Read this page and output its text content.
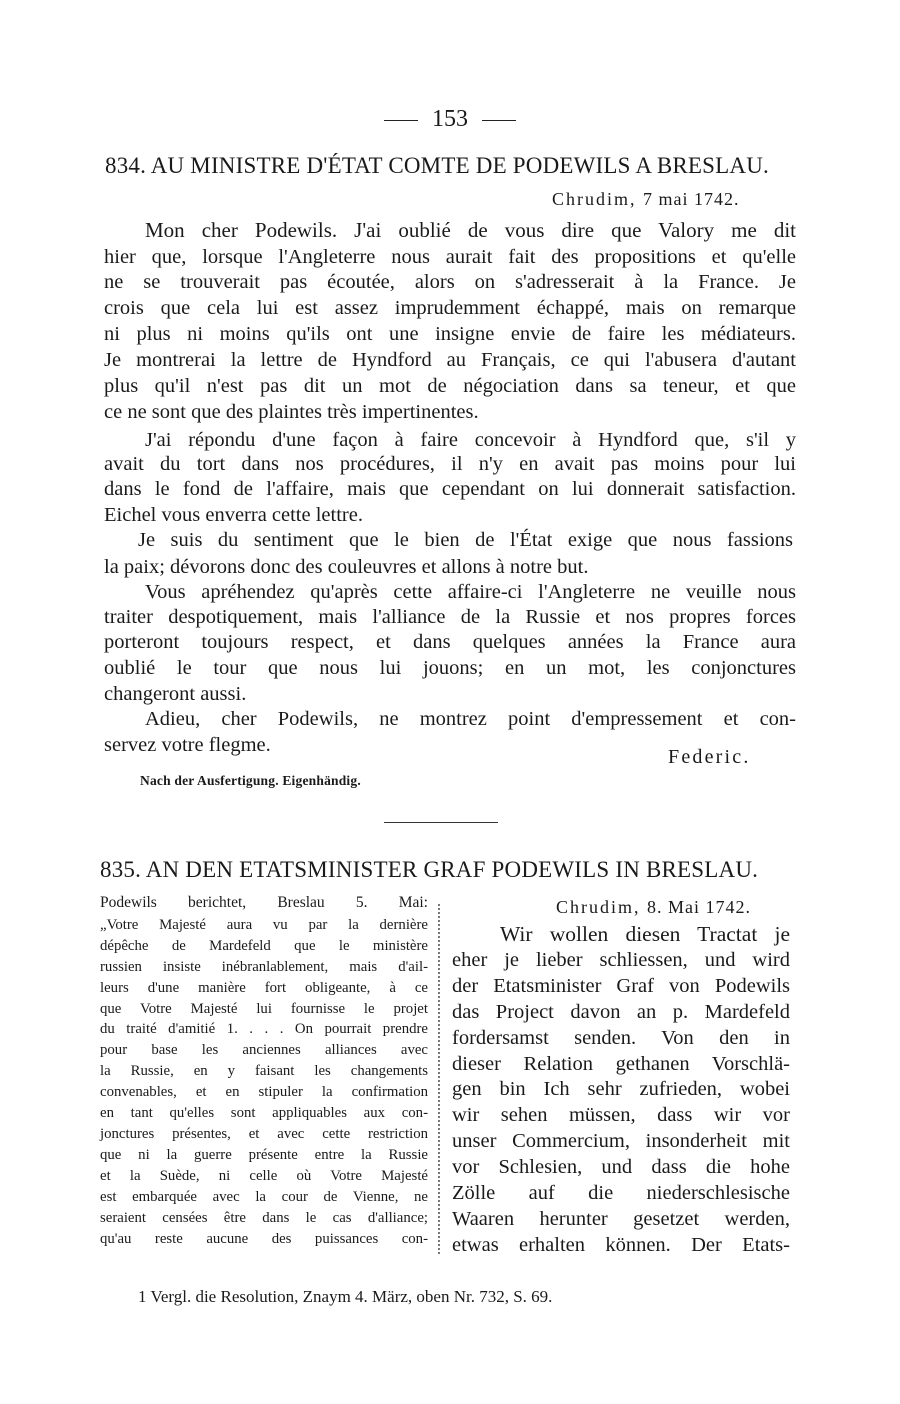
153
834. AU MINISTRE D'ÉTAT COMTE DE PODEWILS A BRESLAU.
Chrudim, 7 mai 1742.
Mon cher Podewils. J'ai oublié de vous dire que Valory me dit
hier que, lorsque l'Angleterre nous aurait fait des propositions et qu'elle
ne se trouverait pas écoutée, alors on s'adresserait à la France. Je
crois que cela lui est assez imprudemment échappé, mais on remarque
ni plus ni moins qu'ils ont une insigne envie de faire les médiateurs.
Je montrerai la lettre de Hyndford au Français, ce qui l'abusera d'autant
plus qu'il n'est pas dit un mot de négociation dans sa teneur, et que
ce ne sont que des plaintes très impertinentes.
J'ai répondu d'une façon à faire concevoir à Hyndford que, s'il y
avait du tort dans nos procédures, il n'y en avait pas moins pour lui
dans le fond de l'affaire, mais que cependant on lui donnerait satisfaction.
Eichel vous enverra cette lettre.
Je suis du sentiment que le bien de l'État exige que nous fassions
la paix; dévorons donc des couleuvres et allons à notre but.
Vous apréhendez qu'après cette affaire-ci l'Angleterre ne veuille nous
traiter despotiquement, mais l'alliance de la Russie et nos propres forces
porteront toujours respect, et dans quelques années la France aura
oublié le tour que nous lui jouons; en un mot, les conjonctures
changeront aussi.
Adieu, cher Podewils, ne montrez point d'empressement et con-
servez votre flegme.
Federic.
Nach der Ausfertigung. Eigenhändig.
835. AN DEN ETATSMINISTER GRAF PODEWILS IN BRESLAU.
Chrudim, 8. Mai 1742.
Podewils berichtet, Breslau 5. Mai:
„Votre Majesté aura vu par la dernière
dépêche de Mardefeld que le ministère
russien insiste inébranlablement, mais d'ail-
leurs d'une manière fort obligeante, à ce
que Votre Majesté lui fournisse le projet
du traité d'amitié 1. . . . On pourrait prendre
pour base les anciennes alliances avec
la Russie, en y faisant les changements
convenables, et en stipuler la confirmation
en tant qu'elles sont appliquables aux con-
jonctures présentes, et avec cette restriction
que ni la guerre présente entre la Russie
et la Suède, ni celle où Votre Majesté
est embarquée avec la cour de Vienne, ne
seraient censées être dans le cas d'alliance;
qu'au reste aucune des puissances con-
Wir wollen diesen Tractat je
eher je lieber schliessen, und wird
der Etatsminister Graf von Podewils
das Project davon an p. Mardefeld
fordersamst senden. Von den in
dieser Relation gethanen Vorschlä-
gen bin Ich sehr zufrieden, wobei
wir sehen müssen, dass wir vor
unser Commercium, insonderheit mit
vor Schlesien, und dass die hohe
Zölle auf die niederschlesische
Waaren herunter gesetzet werden,
etwas erhalten können. Der Etats-
1 Vergl. die Resolution, Znaym 4. März, oben Nr. 732, S. 69.
